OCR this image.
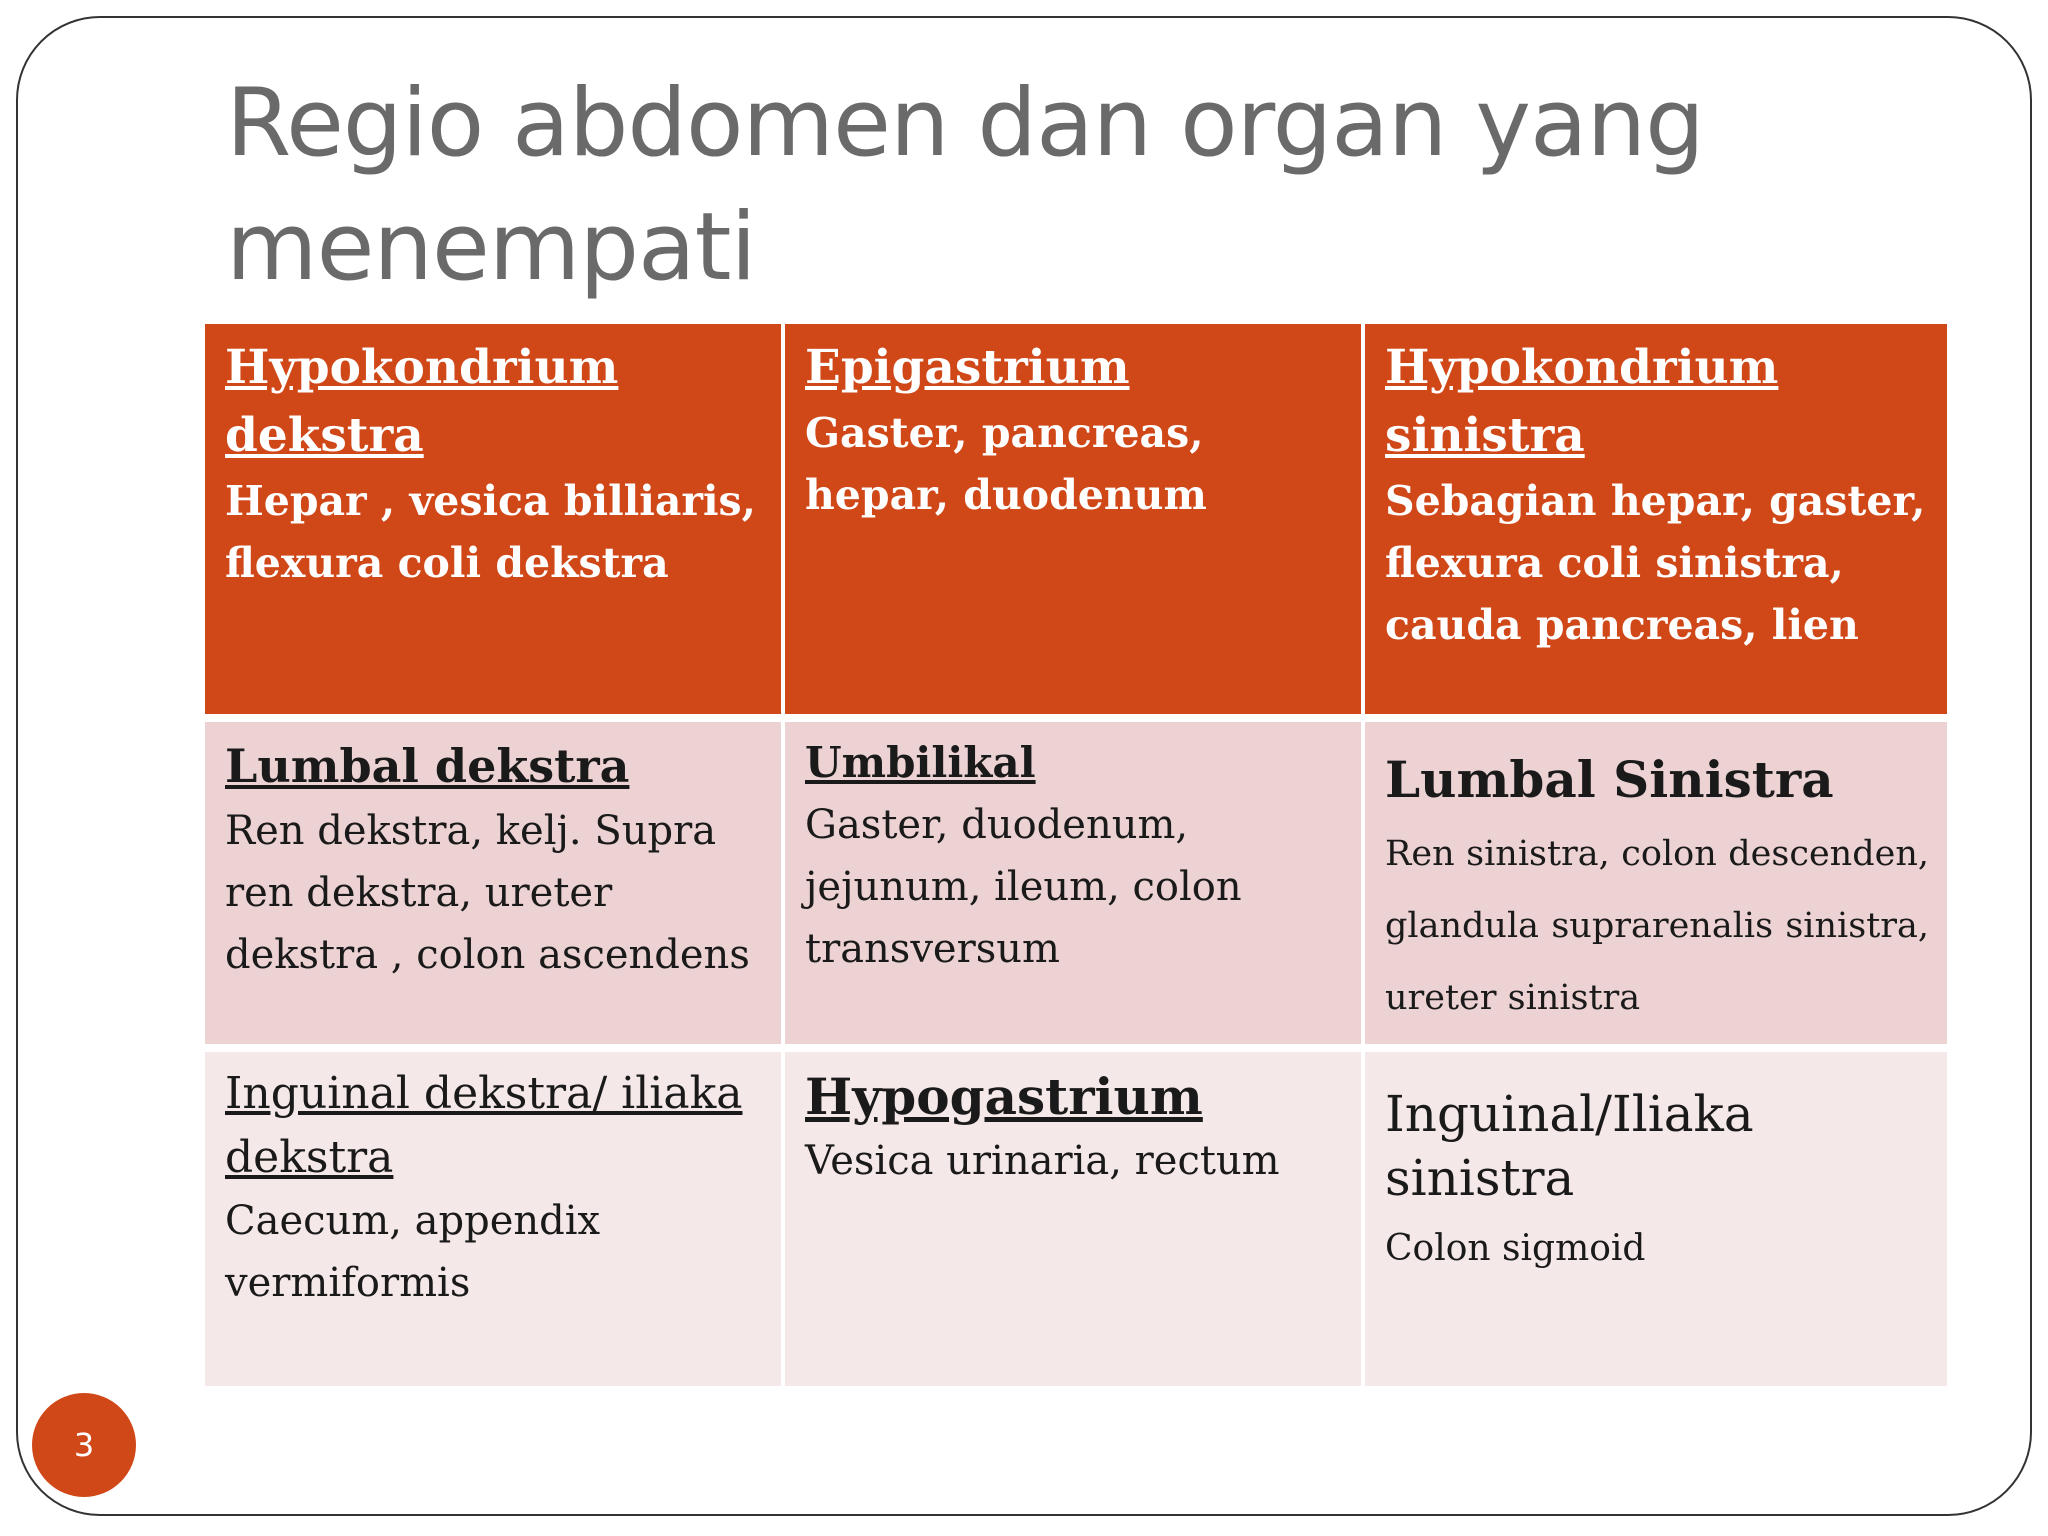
Regio abdomen dan organ yang menempati
Hypokondrium dekstra
Hepar , vesica billiaris, flexura coli dekstra
Epigastrium
Gaster, pancreas, hepar, duodenum
Hypokondrium sinistra
Sebagian hepar, gaster, flexura coli sinistra, cauda pancreas, lien
Lumbal dekstra
Ren dekstra, kelj. Supra ren dekstra, ureter dekstra , colon ascendens
Umbilikal
Gaster, duodenum, jejunum, ileum, colon transversum
Lumbal Sinistra
Ren sinistra, colon descenden, glandula suprarenalis sinistra, ureter sinistra
Inguinal dekstra/ iliaka dekstra
Caecum, appendix vermiformis
Hypogastrium
Vesica urinaria, rectum
Inguinal/Iliaka sinistra
Colon sigmoid
3
